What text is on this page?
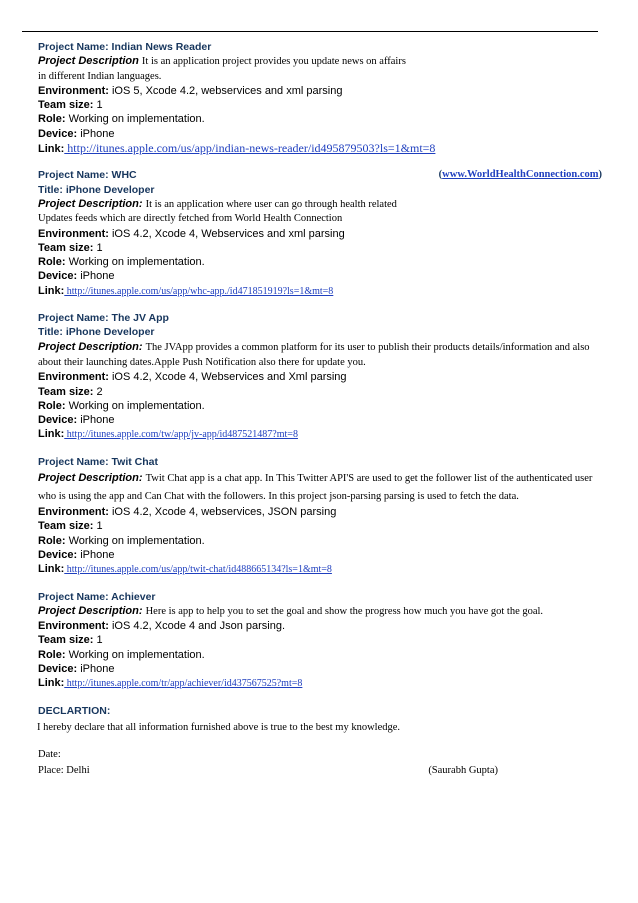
Project Name: Indian News Reader
Project Description It is an application project provides you update news on affairs
in different Indian languages.
Environment: iOS 5, Xcode 4.2, webservices and xml parsing
Team size: 1
Role: Working on implementation.
Device: iPhone
Link: http://itunes.apple.com/us/app/indian-news-reader/id495879503?ls=1&mt=8
Project Name: WHC	(www.WorldHealthConnection.com)
Title: iPhone Developer
Project Description: It is an application where user can go through health related
Updates feeds which are directly fetched from World Health Connection
Environment: iOS 4.2, Xcode 4, Webservices and xml parsing
Team size: 1
Role: Working on implementation.
Device: iPhone
Link: http://itunes.apple.com/us/app/whc-app./id471851919?ls=1&mt=8
Project Name: The JV App
Title: iPhone Developer
Project Description: The JVApp provides a common platform for its user to publish their products details/information and also about their launching dates.Apple Push Notification also there for update you.
Environment: iOS 4.2, Xcode 4, Webservices and Xml parsing
Team size: 2
Role: Working on implementation.
Device: iPhone
Link: http://itunes.apple.com/tw/app/jv-app/id487521487?mt=8
Project Name: Twit Chat
Project Description: Twit Chat app is a chat app. In This Twitter API'S are used to get the follower list of the authenticated user
who is using the app and Can Chat with the followers. In this project json-parsing parsing is used to fetch the data.
Environment: iOS 4.2, Xcode 4, webservices, JSON parsing
Team size: 1
Role: Working on implementation.
Device: iPhone
Link: http://itunes.apple.com/us/app/twit-chat/id488665134?ls=1&mt=8
Project Name: Achiever
Project Description: Here is app to help you to set the goal and show the progress how much you have got the goal.
Environment: iOS 4.2, Xcode 4 and Json parsing.
Team size: 1
Role: Working on implementation.
Device: iPhone
Link: http://itunes.apple.com/tr/app/achiever/id437567525?mt=8
DECLARTION:
I hereby declare that all information furnished above is true to the best my knowledge.
Date:
Place: Delhi	(Saurabh Gupta)
